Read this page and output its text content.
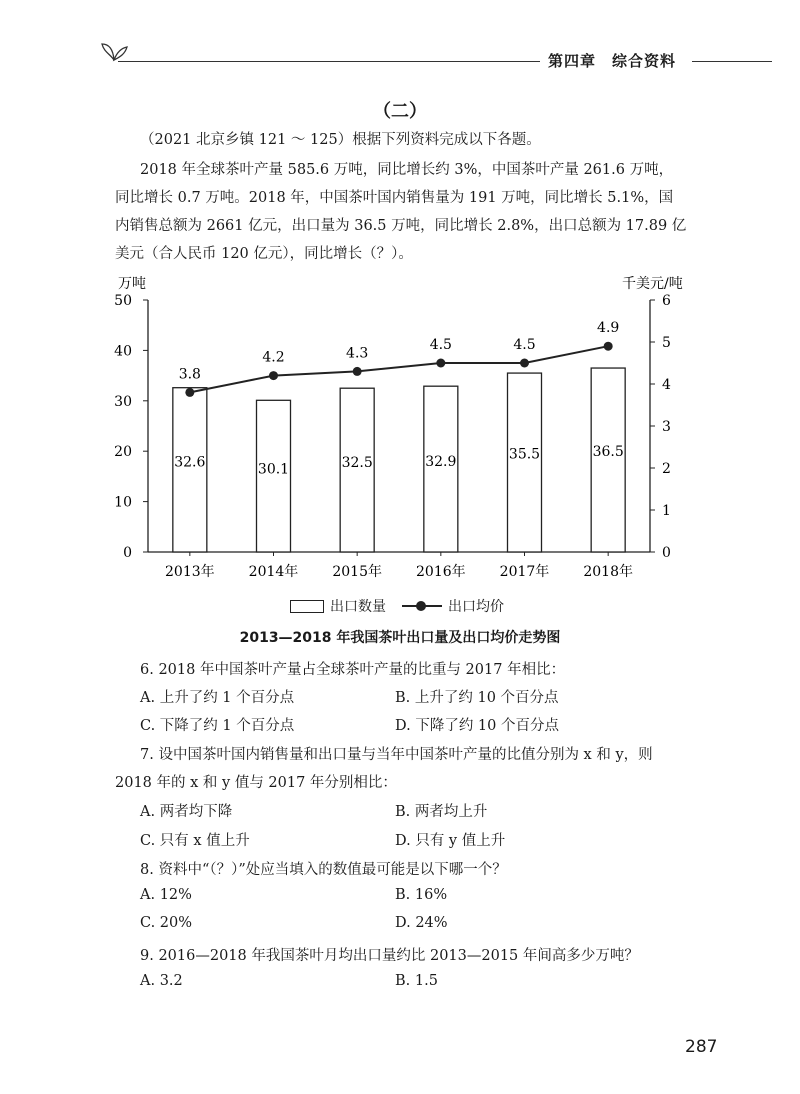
第四章　综合资料
（二）
（2021 北京乡镇 121 ～ 125）根据下列资料完成以下各题。
2018 年全球茶叶产量 585.6 万吨，同比增长约 3%，中国茶叶产量 261.6 万吨，
同比增长 0.7 万吨。2018 年，中国茶叶国内销售量为 191 万吨，同比增长 5.1%，国
内销售总额为 2661 亿元，出口量为 36.5 万吨，同比增长 2.8%，出口总额为 17.89 亿
美元（合人民币 120 亿元），同比增长（？）。
万吨	千美元/吨
0
10
20
30
40
50
0
1
2
3
4
5
6
32.6
2013年
30.1
2014年
32.5
2015年
32.9
2016年
35.5
2017年
36.5
2018年
3.8
4.2	4.3
4.5	4.5
4.9
出口数量	出口均价
2013—2018 年我国茶叶出口量及出口均价走势图
6. 2018 年中国茶叶产量占全球茶叶产量的比重与 2017 年相比：
A. 上升了约 1 个百分点	B. 上升了约 10 个百分点
C. 下降了约 1 个百分点	D. 下降了约 10 个百分点
7. 设中国茶叶国内销售量和出口量与当年中国茶叶产量的比值分别为 x 和 y，则
2018 年的 x 和 y 值与 2017 年分别相比：
A. 两者均下降	B. 两者均上升
C. 只有 x 值上升	D. 只有 y 值上升
8. 资料中“（？）”处应当填入的数值最可能是以下哪一个？
A. 12%	B. 16%
C. 20%	D. 24%
9. 2016—2018 年我国茶叶月均出口量约比 2013—2015 年间高多少万吨？
A. 3.2	B. 1.5
287
